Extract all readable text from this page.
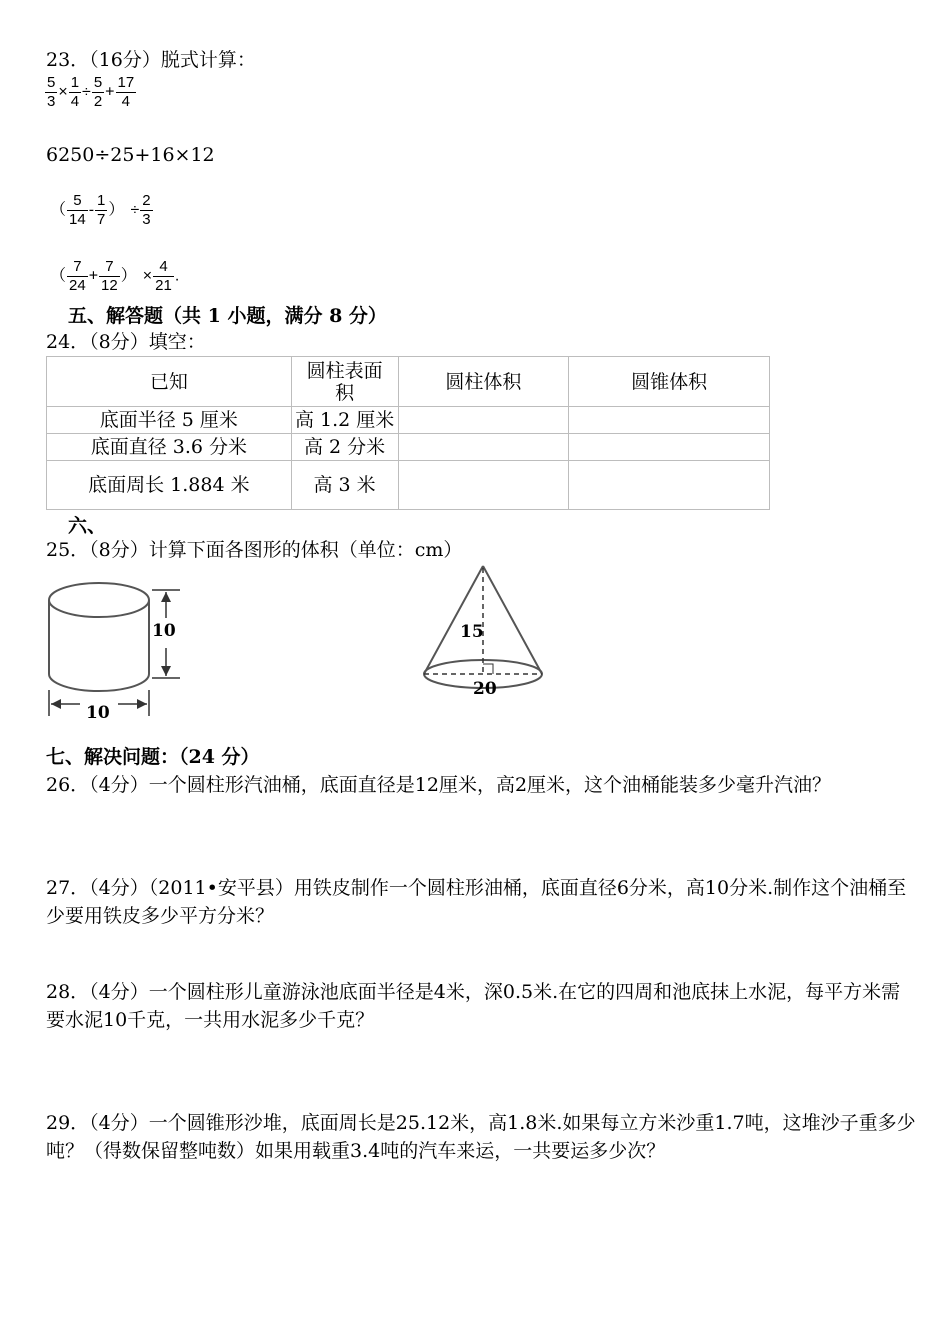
23．（16分）脱式计算：
$\frac{5}{3} \times \frac{1}{4} \div \frac{5}{2} + \frac{17}{4}$
6250÷25+16×12
（ $\frac{5}{14} - \frac{1}{7}$ ） ÷ $\frac{2}{3}$
（ $\frac{7}{24} + \frac{7}{12}$ ） × $\frac{4}{21}$ .
五、解答题（共 1 小题，满分 8 分）
24．（8分）填空：
已知	圆柱表面积	圆柱体积	圆锥体积
底面半径 5 厘米	高 1.2 厘米		
底面直径 3.6 分米	高 2 分米		
底面周长 1.884 米	高 3 米		
六、
25．（8分）计算下面各图形的体积（单位：cm）
10
10
15
20
七、解决问题：（24 分）
26．（4分）一个圆柱形汽油桶，底面直径是12厘米，高2厘米，这个油桶能装多少毫升汽油？
27．（4分）（2011•安平县）用铁皮制作一个圆柱形油桶，底面直径6分米，高10分米.制作这个油桶至少要用铁皮多少平方分米？
28．（4分）一个圆柱形儿童游泳池底面半径是4米，深0.5米.在它的四周和池底抹上水泥，每平方米需要水泥10千克，一共用水泥多少千克？
29．（4分）一个圆锥形沙堆，底面周长是25.12米，高1.8米.如果每立方米沙重1.7吨，这堆沙子重多少吨？（得数保留整吨数）如果用载重3.4吨的汽车来运，一共要运多少次？
